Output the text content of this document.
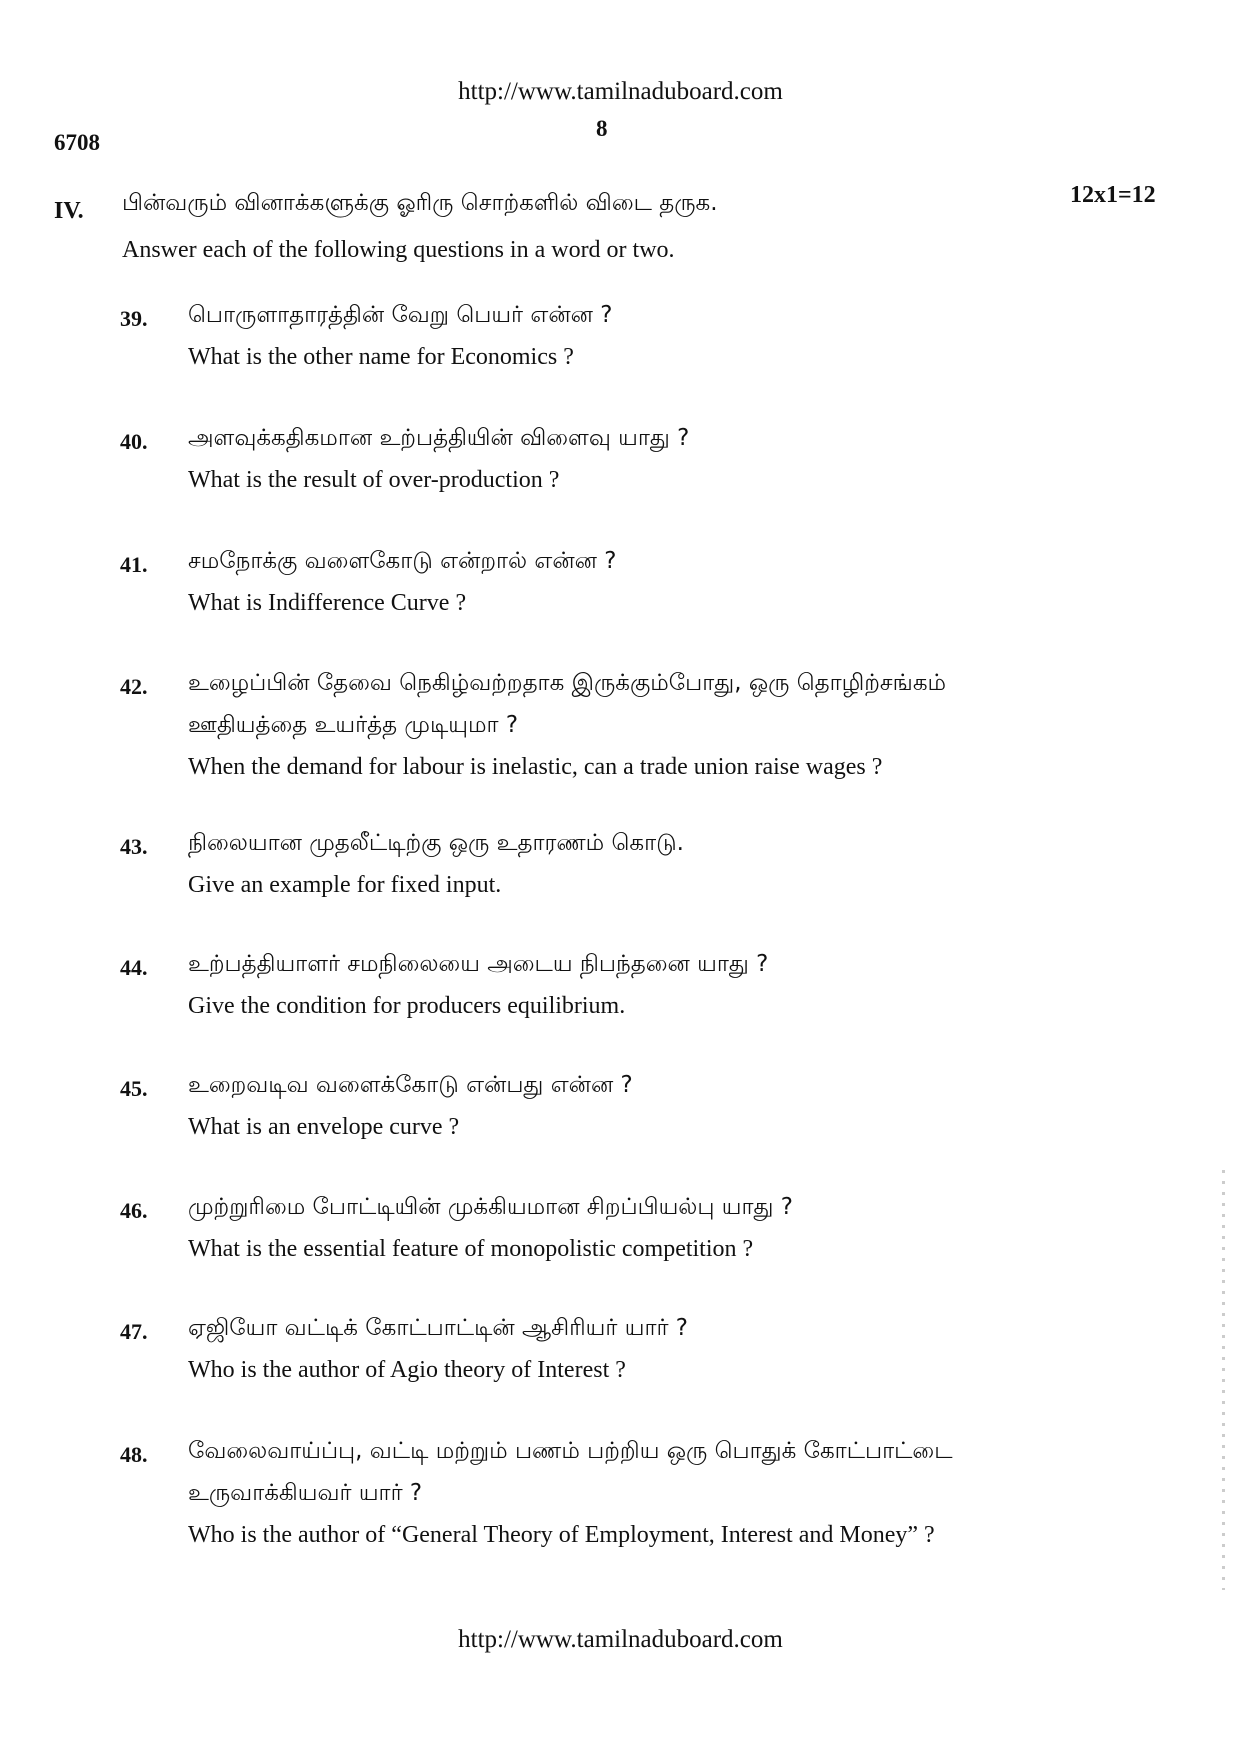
http://www.tamilnaduboard.com
6708
8
IV. பின்வரும் வினாக்களுக்கு ஓரிரு சொற்களில் விடை தருக.
Answer each of the following questions in a word or two.
12x1=12
39. பொருளாதாரத்தின் வேறு பெயர் என்ன ?
What is the other name for Economics ?
40. அளவுக்கதிகமான உற்பத்தியின் விளைவு யாது ?
What is the result of over-production ?
41. சமநோக்கு வளைகோடு என்றால் என்ன ?
What is Indifference Curve ?
42. உழைப்பின் தேவை நெகிழ்வற்றதாக இருக்கும்போது, ஒரு தொழிற்சங்கம்
ஊதியத்தை உயர்த்த முடியுமா ?
When the demand for labour is inelastic, can a trade union raise wages ?
43. நிலையான முதலீட்டிற்கு ஒரு உதாரணம் கொடு.
Give an example for fixed input.
44. உற்பத்தியாளர் சமநிலையை அடைய நிபந்தனை யாது ?
Give the condition for producers equilibrium.
45. உறைவடிவ வளைக்கோடு என்பது என்ன ?
What is an envelope curve ?
46. முற்றுரிமை போட்டியின் முக்கியமான சிறப்பியல்பு யாது ?
What is the essential feature of monopolistic competition ?
47. ஏஜியோ வட்டிக் கோட்பாட்டின் ஆசிரியர் யார் ?
Who is the author of Agio theory of Interest ?
48. வேலைவாய்ப்பு, வட்டி மற்றும் பணம் பற்றிய ஒரு பொதுக் கோட்பாட்டை
உருவாக்கியவர் யார் ?
Who is the author of “General Theory of Employment, Interest and Money” ?
http://www.tamilnaduboard.com
